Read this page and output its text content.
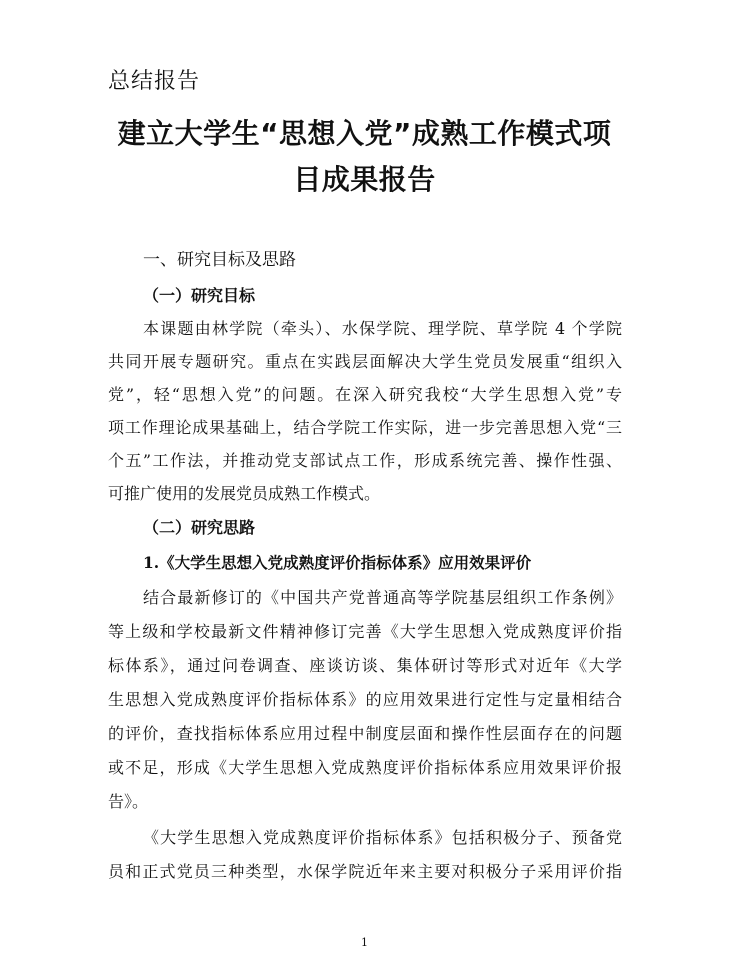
总结报告
建立大学生“思想入党”成熟工作模式项
目成果报告
一、研究目标及思路
（一）研究目标
本课题由林学院（牵头）、水保学院、理学院、草学院 4 个学院
共同开展专题研究。重点在实践层面解决大学生党员发展重“组织入
党”，轻“思想入党”的问题。在深入研究我校“大学生思想入党”专
项工作理论成果基础上，结合学院工作实际，进一步完善思想入党“三
个五”工作法，并推动党支部试点工作，形成系统完善、操作性强、
可推广使用的发展党员成熟工作模式。
（二）研究思路
1.《大学生思想入党成熟度评价指标体系》应用效果评价
结合最新修订的《中国共产党普通高等学院基层组织工作条例》
等上级和学校最新文件精神修订完善《大学生思想入党成熟度评价指
标体系》，通过问卷调查、座谈访谈、集体研讨等形式对近年《大学
生思想入党成熟度评价指标体系》的应用效果进行定性与定量相结合
的评价，查找指标体系应用过程中制度层面和操作性层面存在的问题
或不足，形成《大学生思想入党成熟度评价指标体系应用效果评价报
告》。
《大学生思想入党成熟度评价指标体系》包括积极分子、预备党
员和正式党员三种类型，水保学院近年来主要对积极分子采用评价指
1
